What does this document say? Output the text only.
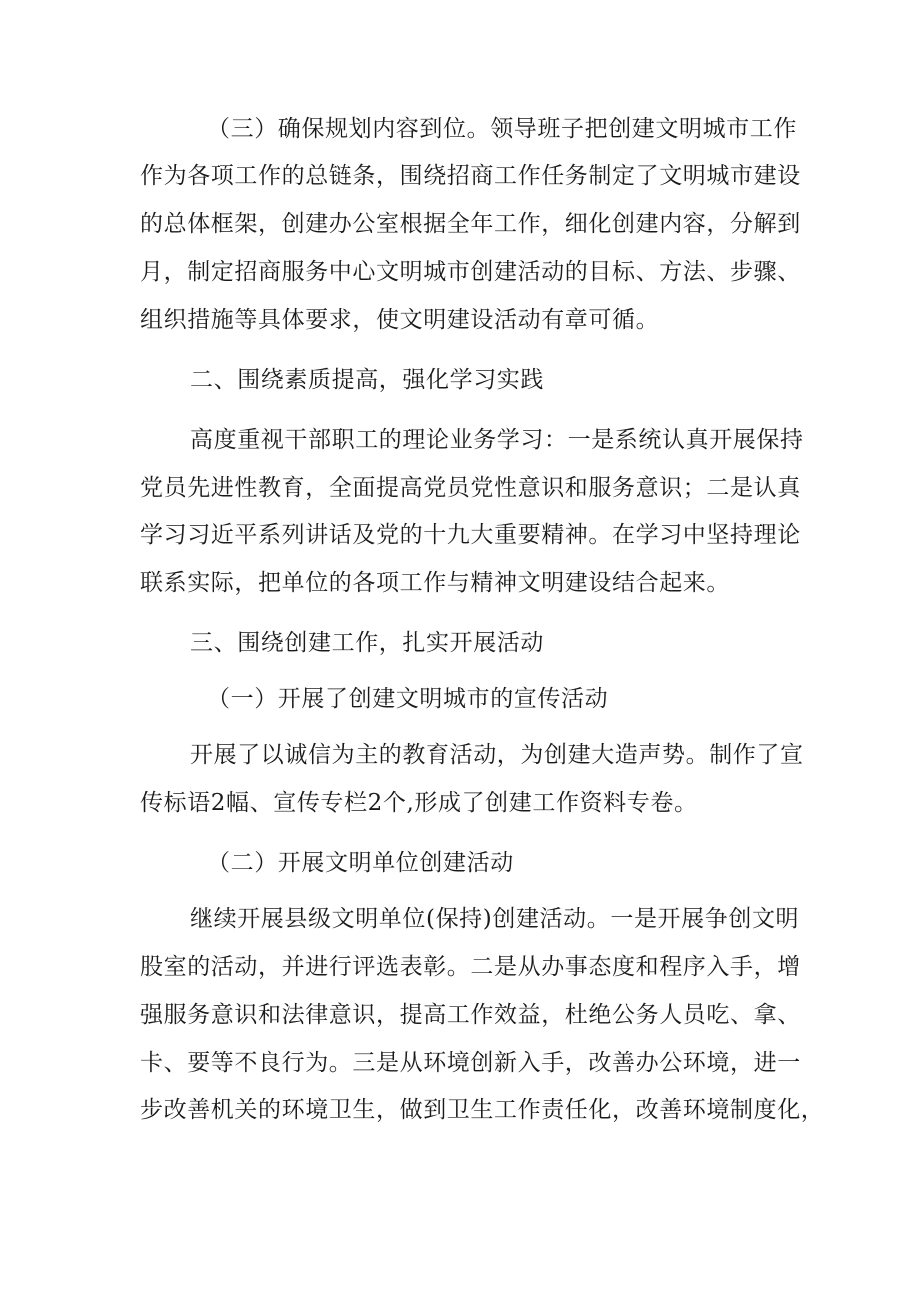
（三）确保规划内容到位。领导班子把创建文明城市工作
作为各项工作的总链条，围绕招商工作任务制定了文明城市建设
的总体框架，创建办公室根据全年工作，细化创建内容，分解到
月，制定招商服务中心文明城市创建活动的目标、方法、步骤、
组织措施等具体要求，使文明建设活动有章可循。
二、围绕素质提高，强化学习实践
高度重视干部职工的理论业务学习：一是系统认真开展保持
党员先进性教育，全面提高党员党性意识和服务意识；二是认真
学习习近平系列讲话及党的十九大重要精神。在学习中坚持理论
联系实际，把单位的各项工作与精神文明建设结合起来。
三、围绕创建工作，扎实开展活动
（一）开展了创建文明城市的宣传活动
开展了以诚信为主的教育活动，为创建大造声势。制作了宣
传标语2幅、宣传专栏2个,形成了创建工作资料专卷。
（二）开展文明单位创建活动
继续开展县级文明单位(保持)创建活动。一是开展争创文明
股室的活动，并进行评选表彰。二是从办事态度和程序入手，增
强服务意识和法律意识，提高工作效益，杜绝公务人员吃、拿、
卡、要等不良行为。三是从环境创新入手，改善办公环境，进一
步改善机关的环境卫生，做到卫生工作责任化，改善环境制度化，
